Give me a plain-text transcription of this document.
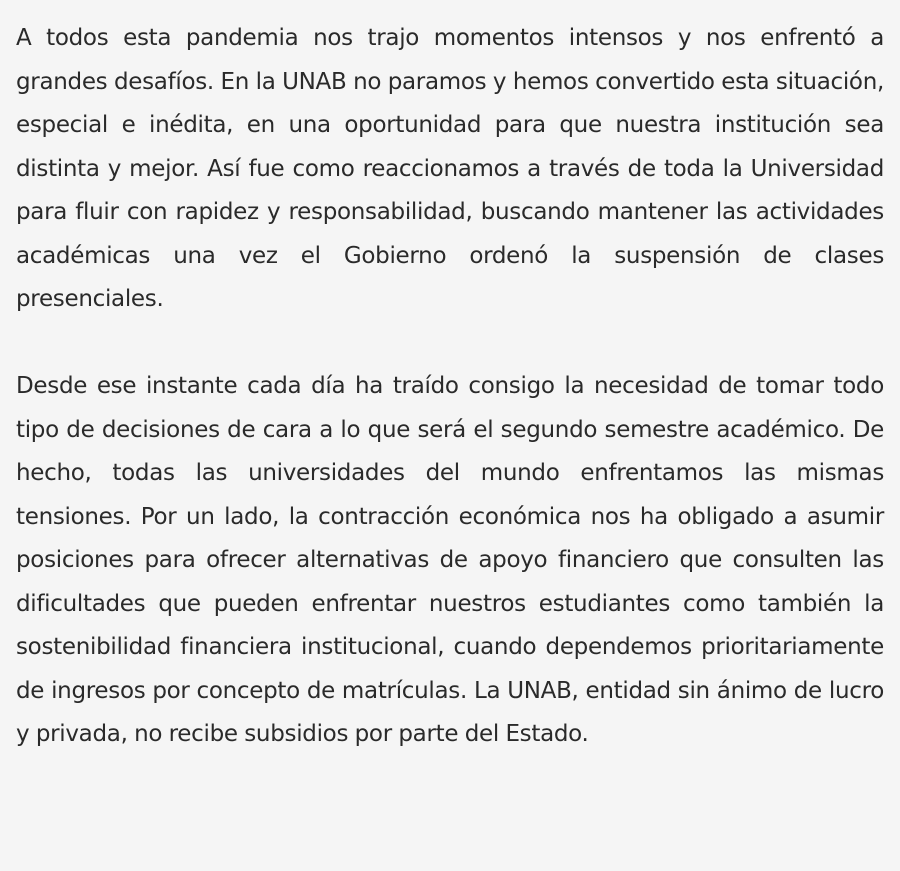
A todos esta pandemia nos trajo momentos intensos y nos enfrentó a grandes desafíos. En la UNAB no paramos y hemos convertido esta situación, especial e inédita, en una oportunidad para que nuestra institución sea distinta y mejor. Así fue como reaccionamos a través de toda la Universidad para fluir con rapidez y responsabilidad, buscando mantener las actividades académicas una vez el Gobierno ordenó la suspensión de clases presenciales.

Desde ese instante cada día ha traído consigo la necesidad de tomar todo tipo de decisiones de cara a lo que será el segundo semestre académico. De hecho, todas las universidades del mundo enfrentamos las mismas tensiones. Por un lado, la contracción económica nos ha obligado a asumir posiciones para ofrecer alternativas de apoyo financiero que consulten las dificultades que pueden enfrentar nuestros estudiantes como también la sostenibilidad financiera institucional, cuando dependemos prioritariamente de ingresos por concepto de matrículas. La UNAB, entidad sin ánimo de lucro y privada, no recibe subsidios por parte del Estado.
